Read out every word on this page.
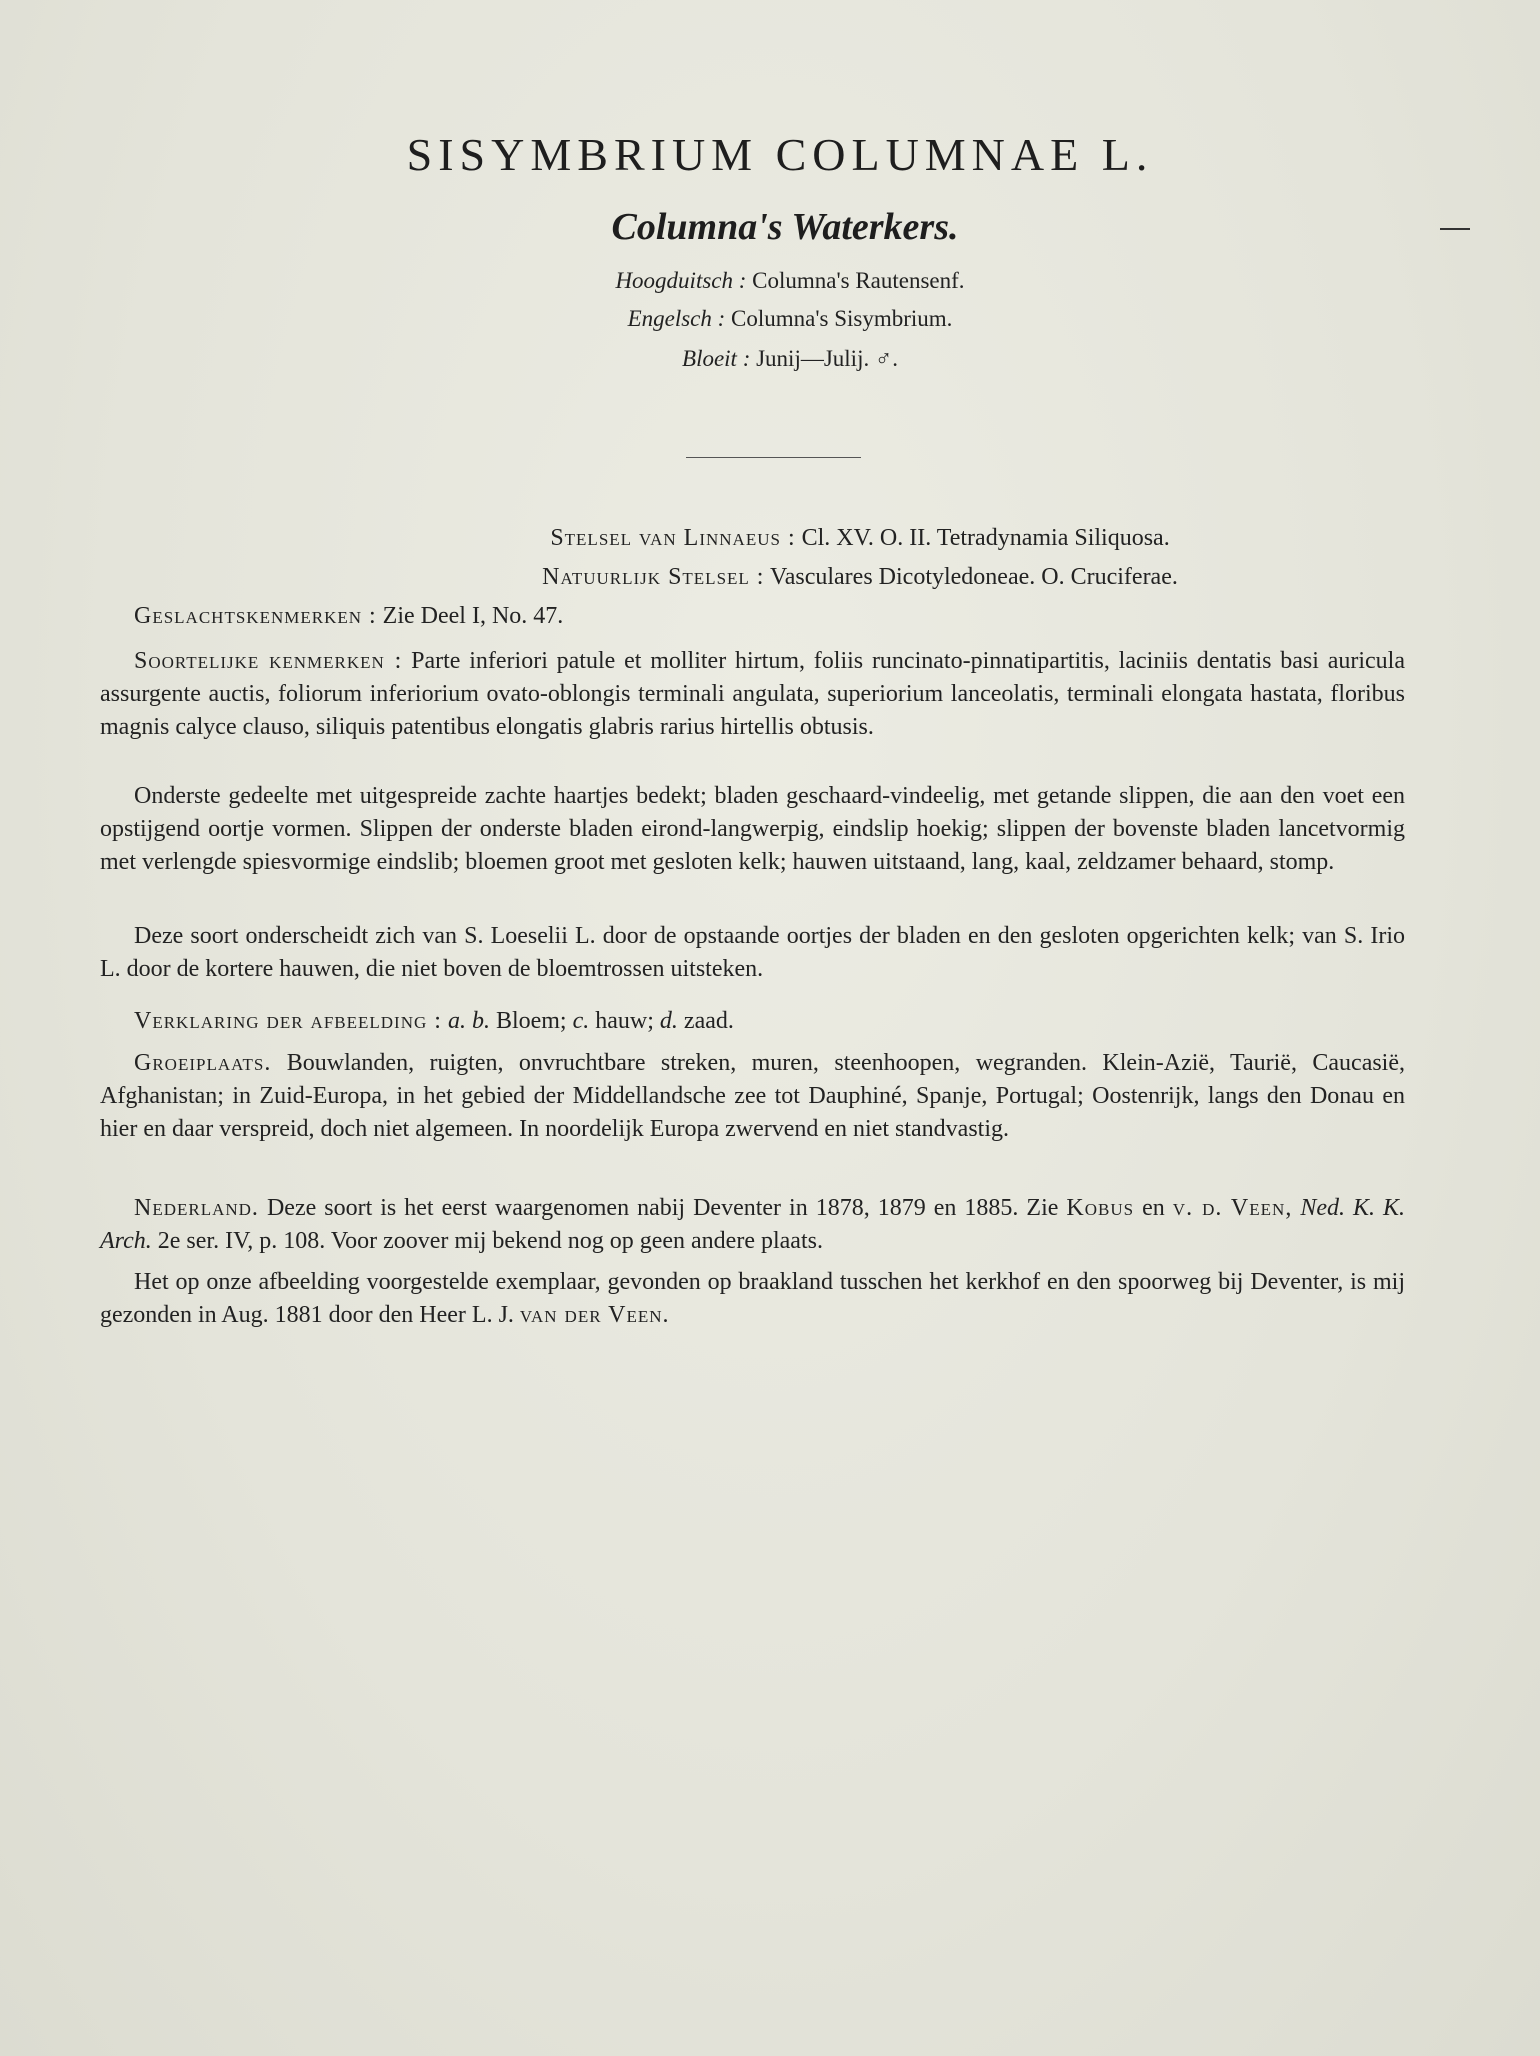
SISYMBRIUM COLUMNAE L.
Columna's Waterkers.
Hoogduitsch : Columna's Rautensenf.
Engelsch : Columna's Sisymbrium.
Bloeit : Junij—Julij. ♂.
Stelsel van Linnaeus : Cl. XV. O. II. Tetradynamia Siliquosa.
Natuurlijk Stelsel : Vasculares Dicotyledoneae. O. Cruciferae.

Geslachtskenmerken : Zie Deel I, No. 47.

Soortelijke kenmerken : Parte inferiori patule et molliter hirtum, foliis runcinato-pinnatipartitis, laciniis dentatis basi auricula assurgente auctis, foliorum inferiorium ovato-oblongis terminali angulata, superiorium lanceolatis, terminali elongata hastata, floribus magnis calyce clauso, siliquis patentibus elongatis glabris rarius hirtellis obtusis.

Onderste gedeelte met uitgespreide zachte haartjes bedekt; bladen geschaard-vindeelig, met getande slippen, die aan den voet een opstijgend oortje vormen. Slippen der onderste bladen eirond-langwerpig, eindslip hoekig; slippen der bovenste bladen lancetvormig met verlengde spiesvormige eindslib; bloemen groot met gesloten kelk; hauwen uitstaand, lang, kaal, zeldzamer behaard, stomp.

Deze soort onderscheidt zich van S. Loeselii L. door de opstaande oortjes der bladen en den gesloten opgerichten kelk; van S. Irio L. door de kortere hauwen, die niet boven de bloemtrossen uitsteken.

Verklaring der afbeelding : a. b. Bloem; c. hauw; d. zaad.

Groeiplaats. Bouwlanden, ruigten, onvruchtbare streken, muren, steenhoopen, wegranden. Klein-Azië, Taurië, Caucasië, Afghanistan; in Zuid-Europa, in het gebied der Middellandsche zee tot Dauphiné, Spanje, Portugal; Oostenrijk, langs den Donau en hier en daar verspreid, doch niet algemeen. In noordelijk Europa zwervend en niet standvastig.

Nederland. Deze soort is het eerst waargenomen nabij Deventer in 1878, 1879 en 1885. Zie Kobus en v. d. Veen, Ned. K. K. Arch. 2e ser. IV, p. 108. Voor zoover mij bekend nog op geen andere plaats.

Het op onze afbeelding voorgestelde exemplaar, gevonden op braakland tusschen het kerkhof en den spoorweg bij Deventer, is mij gezonden in Aug. 1881 door den Heer L. J. van der Veen.
